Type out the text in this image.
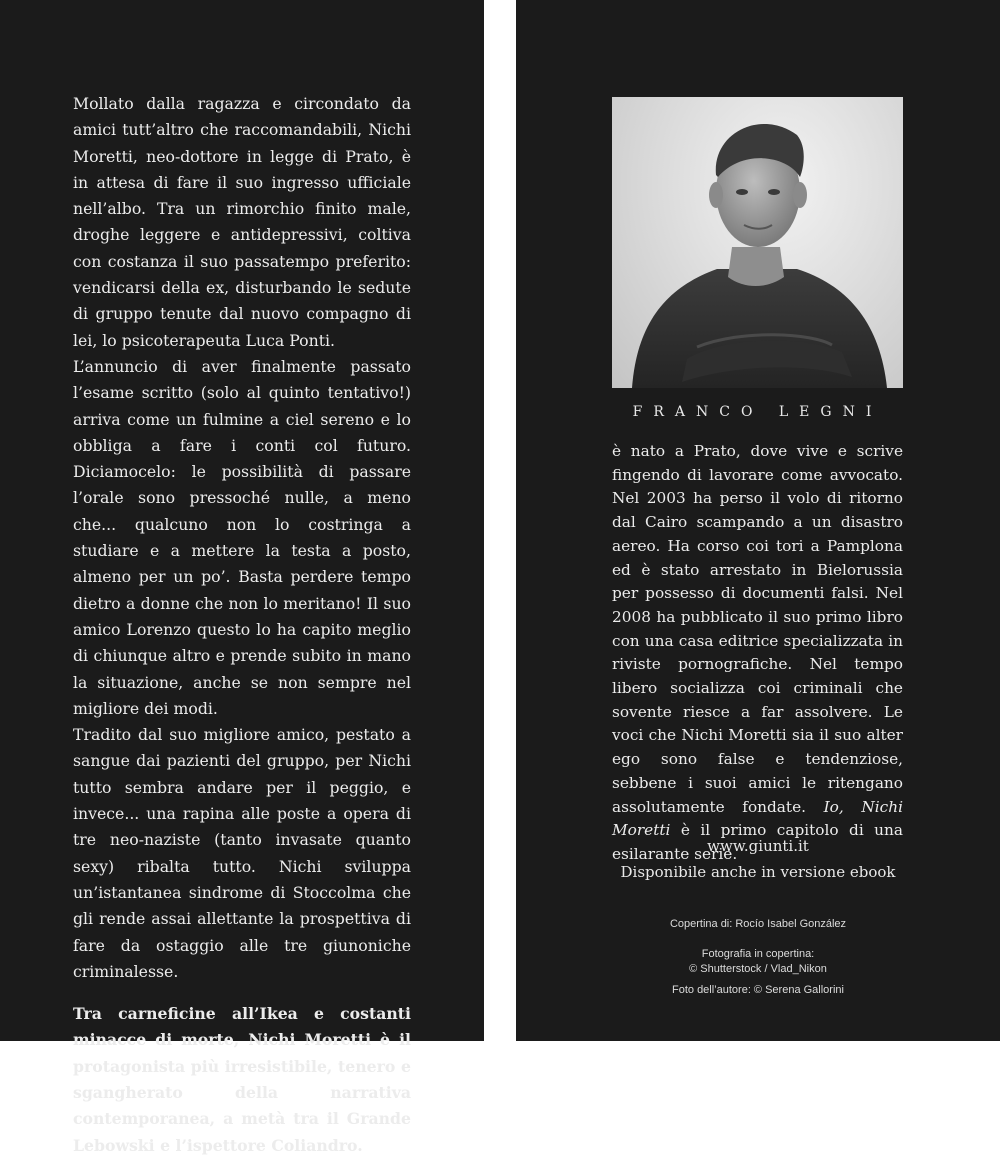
Mollato dalla ragazza e circondato da amici tutt’altro che raccomandabili, Nichi Moretti, neo-dottore in legge di Prato, è in attesa di fare il suo ingresso ufficiale nell’albo. Tra un rimorchio finito male, droghe leggere e antidepressivi, coltiva con costanza il suo passatempo preferito: vendicarsi della ex, disturbando le sedute di gruppo tenute dal nuovo compagno di lei, lo psicoterapeuta Luca Ponti.

L’annuncio di aver finalmente passato l’esame scritto (solo al quinto tentativo!) arriva come un fulmine a ciel sereno e lo obbliga a fare i conti col futuro. Diciamocelo: le possibilità di passare l’orale sono pressoché nulle, a meno che... qualcuno non lo costringa a studiare e a mettere la testa a posto, almeno per un po’. Basta perdere tempo dietro a donne che non lo meritano! Il suo amico Lorenzo questo lo ha capito meglio di chiunque altro e prende subito in mano la situazione, anche se non sempre nel migliore dei modi.

Tradito dal suo migliore amico, pestato a sangue dai pazienti del gruppo, per Nichi tutto sembra andare per il peggio, e invece... una rapina alle poste a opera di tre neo-naziste (tanto invasate quanto sexy) ribalta tutto. Nichi sviluppa un’istantanea sindrome di Stoccolma che gli rende assai allettante la prospettiva di fare da ostaggio alle tre giunoniche criminalesse.

Tra carneficine all’Ikea e costanti minacce di morte, Nichi Moretti è il protagonista più irresistibile, tenero e sgangherato della narrativa contemporanea, a metà tra il Grande Lebowski e l’ispettore Coliandro.

FRANCO LEGNI

è nato a Prato, dove vive e scrive fingendo di lavorare come avvocato. Nel 2003 ha perso il volo di ritorno dal Cairo scampando a un disastro aereo. Ha corso coi tori a Pamplona ed è stato arrestato in Bielorussia per possesso di documenti falsi. Nel 2008 ha pubblicato il suo primo libro con una casa editrice specializzata in riviste pornografiche. Nel tempo libero socializza coi criminali che sovente riesce a far assolvere. Le voci che Nichi Moretti sia il suo alter ego sono false e tendenziose, sebbene i suoi amici le ritengano assolutamente fondate. Io, Nichi Moretti è il primo capitolo di una esilarante serie.

www.giunti.it
Disponibile anche in versione ebook
Copertina di: Rocío Isabel González
Fotografia in copertina:
© Shutterstock / Vlad_Nikon
Foto dell’autore: © Serena Gallorini
